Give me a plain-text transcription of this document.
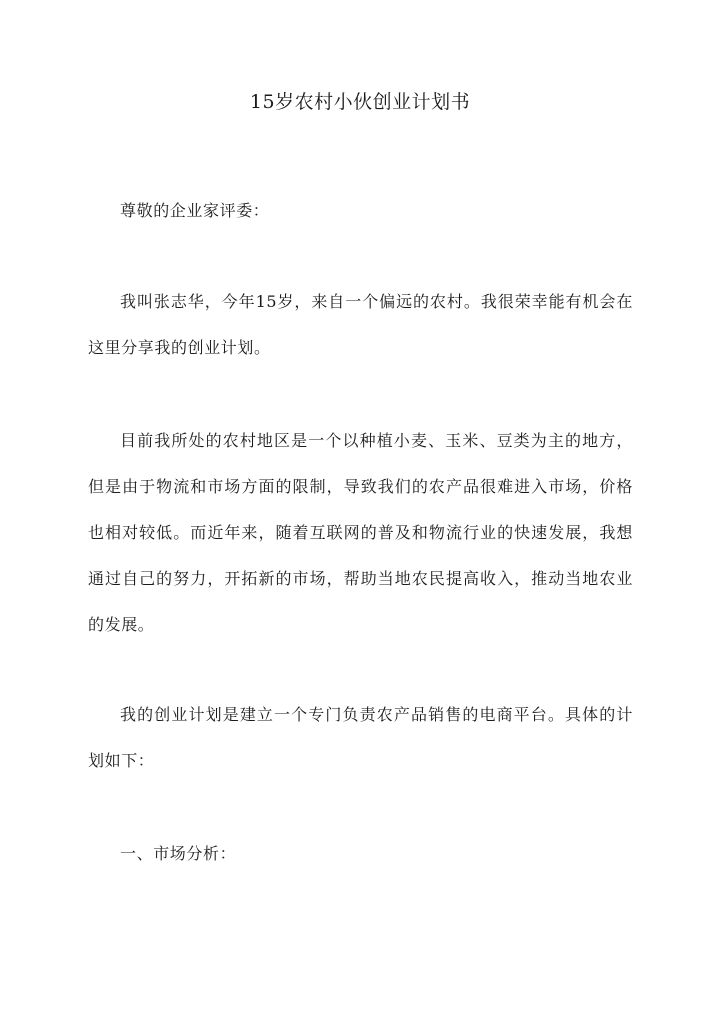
15岁农村小伙创业计划书

尊敬的企业家评委：

我叫张志华，今年15岁，来自一个偏远的农村。我很荣幸能有机会在这里分享我的创业计划。

目前我所处的农村地区是一个以种植小麦、玉米、豆类为主的地方，但是由于物流和市场方面的限制，导致我们的农产品很难进入市场，价格也相对较低。而近年来，随着互联网的普及和物流行业的快速发展，我想通过自己的努力，开拓新的市场，帮助当地农民提高收入，推动当地农业的发展。

我的创业计划是建立一个专门负责农产品销售的电商平台。具体的计划如下：

一、市场分析：
